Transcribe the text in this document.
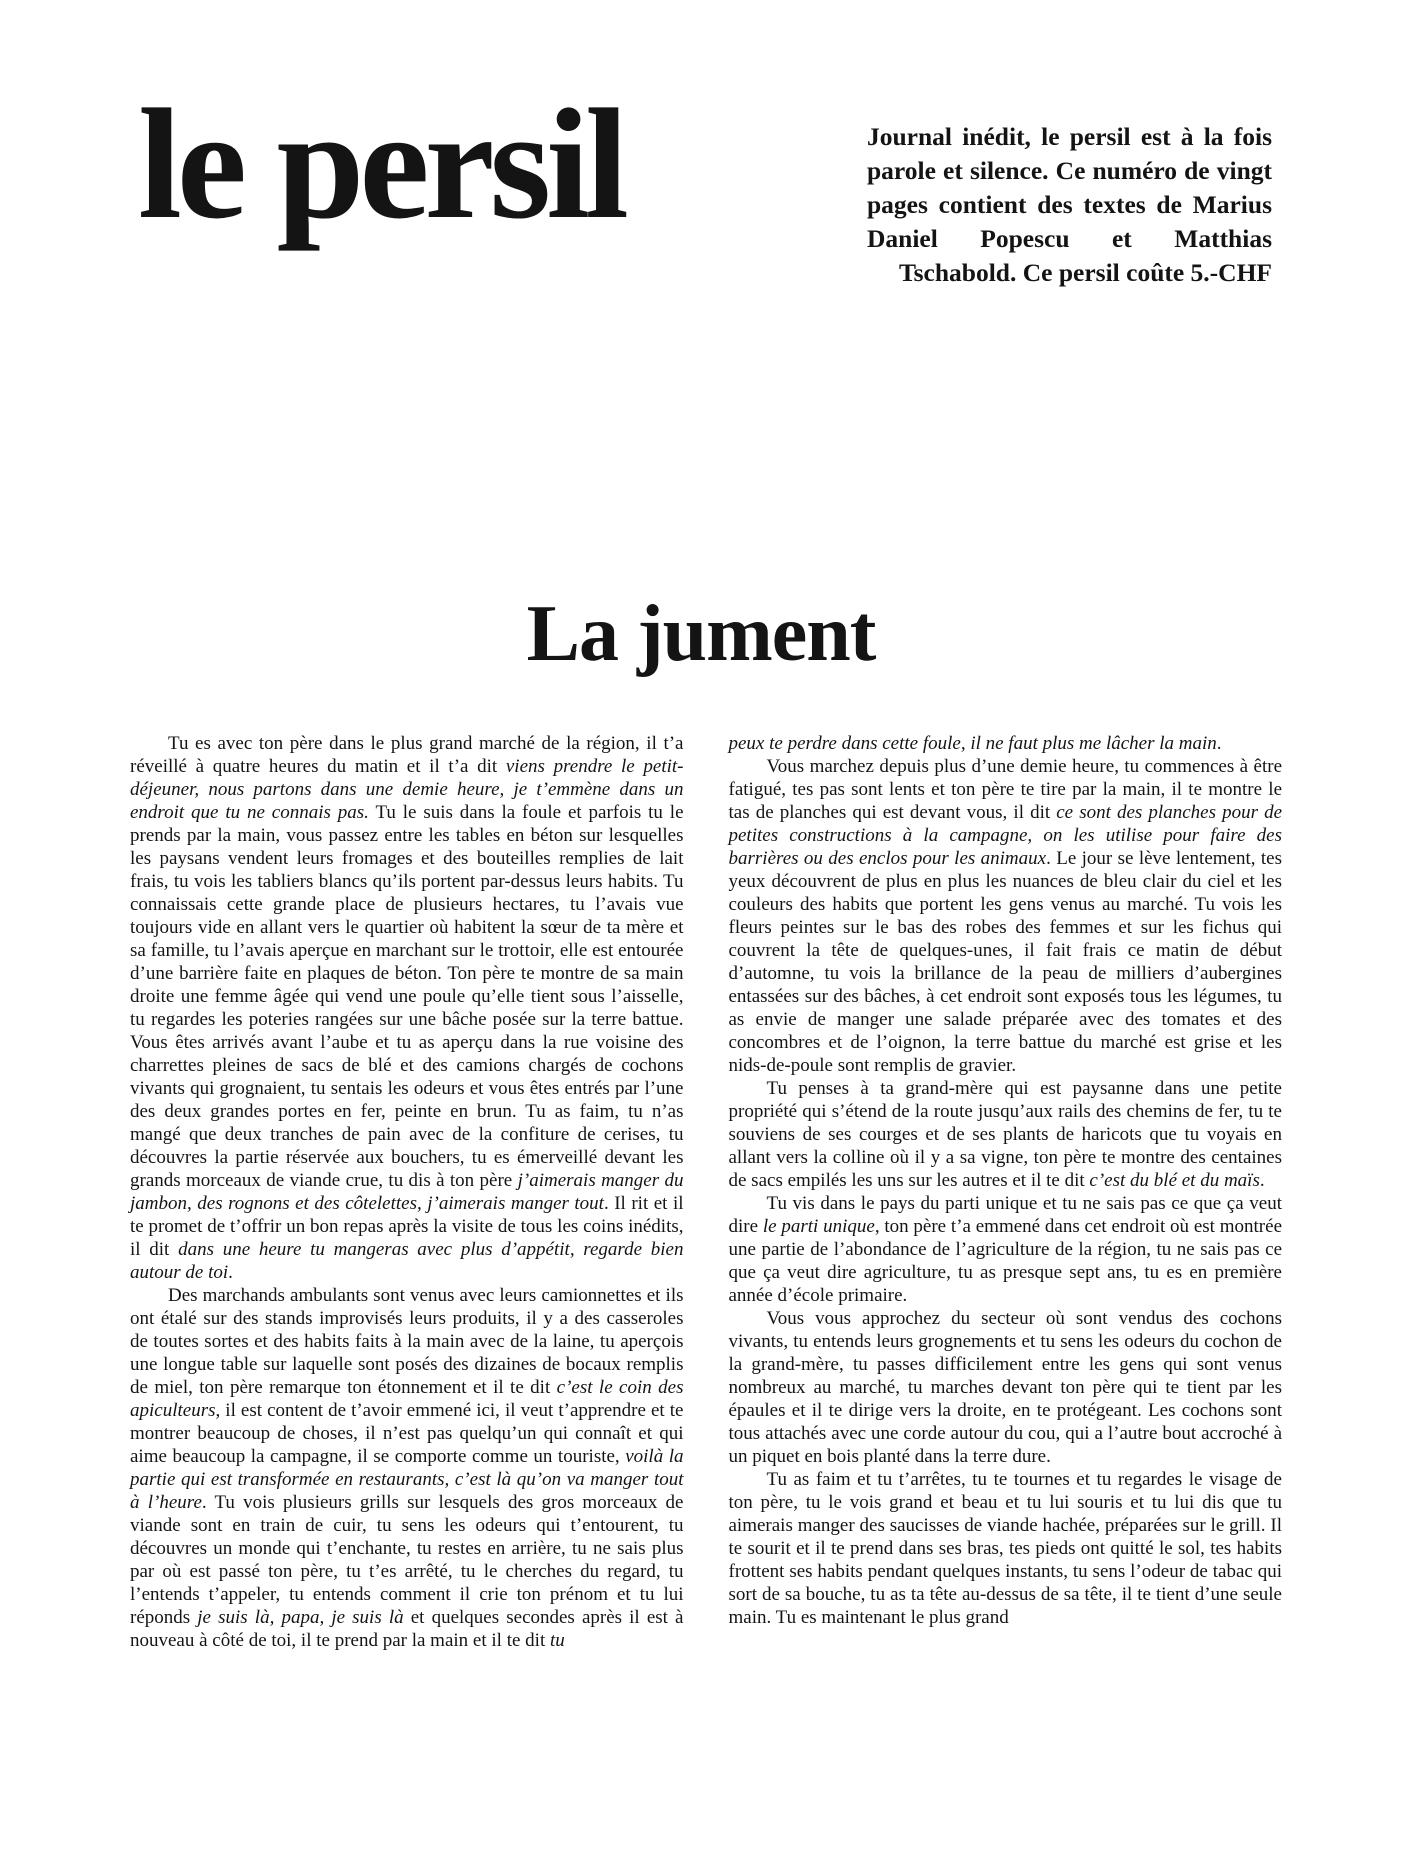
le persil	Journal inédit, le persil est à la fois parole et silence. Ce numéro de vingt pages contient des textes de Marius Daniel Popescu et Matthias Tschabold. Ce persil coûte 5.-CHF
La jument

Tu es avec ton père dans le plus grand marché de la région, il t’a réveillé à quatre heures du matin et il t’a dit viens prendre le petit-déjeuner, nous partons dans une demie heure, je t’emmène dans un endroit que tu ne connais pas. Tu le suis dans la foule et parfois tu le prends par la main, vous passez entre les tables en béton sur lesquelles les paysans vendent leurs fromages et des bouteilles remplies de lait frais, tu vois les tabliers blancs qu’ils portent par-dessus leurs habits. Tu connaissais cette grande place de plusieurs hectares, tu l’avais vue toujours vide en allant vers le quartier où habitent la sœur de ta mère et sa famille, tu l’avais aperçue en marchant sur le trottoir, elle est entourée d’une barrière faite en plaques de béton. Ton père te montre de sa main droite une femme âgée qui vend une poule qu’elle tient sous l’aisselle, tu regardes les poteries rangées sur une bâche posée sur la terre battue. Vous êtes arrivés avant l’aube et tu as aperçu dans la rue voisine des charrettes pleines de sacs de blé et des camions chargés de cochons vivants qui grognaient, tu sentais les odeurs et vous êtes entrés par l’une des deux grandes portes en fer, peinte en brun. Tu as faim, tu n’as mangé que deux tranches de pain avec de la confiture de cerises, tu découvres la partie réservée aux bouchers, tu es émerveillé devant les grands morceaux de viande crue, tu dis à ton père j’aimerais manger du jambon, des rognons et des côtelettes, j’aimerais manger tout. Il rit et il te promet de t’offrir un bon repas après la visite de tous les coins inédits, il dit dans une heure tu mangeras avec plus d’appétit, regarde bien autour de toi.

Des marchands ambulants sont venus avec leurs camionnettes et ils ont étalé sur des stands improvisés leurs produits, il y a des casseroles de toutes sortes et des habits faits à la main avec de la laine, tu aperçois une longue table sur laquelle sont posés des dizaines de bocaux remplis de miel, ton père remarque ton étonnement et il te dit c’est le coin des apiculteurs, il est content de t’avoir emmené ici, il veut t’apprendre et te montrer beaucoup de choses, il n’est pas quelqu’un qui connaît et qui aime beaucoup la campagne, il se comporte comme un touriste, voilà la partie qui est transformée en restaurants, c’est là qu’on va manger tout à l’heure. Tu vois plusieurs grills sur lesquels des gros morceaux de viande sont en train de cuir, tu sens les odeurs qui t’entourent, tu découvres un monde qui t’enchante, tu restes en arrière, tu ne sais plus par où est passé ton père, tu t’es arrêté, tu le cherches du regard, tu l’entends t’appeler, tu entends comment il crie ton prénom et tu lui réponds je suis là, papa, je suis là et quelques secondes après il est à nouveau à côté de toi, il te prend par la main et il te dit tu

peux te perdre dans cette foule, il ne faut plus me lâcher la main.

Vous marchez depuis plus d’une demie heure, tu commences à être fatigué, tes pas sont lents et ton père te tire par la main, il te montre le tas de planches qui est devant vous, il dit ce sont des planches pour de petites constructions à la campagne, on les utilise pour faire des barrières ou des enclos pour les animaux. Le jour se lève lentement, tes yeux découvrent de plus en plus les nuances de bleu clair du ciel et les couleurs des habits que portent les gens venus au marché. Tu vois les fleurs peintes sur le bas des robes des femmes et sur les fichus qui couvrent la tête de quelques-unes, il fait frais ce matin de début d’automne, tu vois la brillance de la peau de milliers d’aubergines entassées sur des bâches, à cet endroit sont exposés tous les légumes, tu as envie de manger une salade préparée avec des tomates et des concombres et de l’oignon, la terre battue du marché est grise et les nids-de-poule sont remplis de gravier.

Tu penses à ta grand-mère qui est paysanne dans une petite propriété qui s’étend de la route jusqu’aux rails des chemins de fer, tu te souviens de ses courges et de ses plants de haricots que tu voyais en allant vers la colline où il y a sa vigne, ton père te montre des centaines de sacs empilés les uns sur les autres et il te dit c’est du blé et du maïs.

Tu vis dans le pays du parti unique et tu ne sais pas ce que ça veut dire le parti unique, ton père t’a emmené dans cet endroit où est montrée une partie de l’abondance de l’agriculture de la région, tu ne sais pas ce que ça veut dire agriculture, tu as presque sept ans, tu es en première année d’école primaire.

Vous vous approchez du secteur où sont vendus des cochons vivants, tu entends leurs grognements et tu sens les odeurs du cochon de la grand-mère, tu passes difficilement entre les gens qui sont venus nombreux au marché, tu marches devant ton père qui te tient par les épaules et il te dirige vers la droite, en te protégeant. Les cochons sont tous attachés avec une corde autour du cou, qui a l’autre bout accroché à un piquet en bois planté dans la terre dure.

Tu as faim et tu t’arrêtes, tu te tournes et tu regardes le visage de ton père, tu le vois grand et beau et tu lui souris et tu lui dis que tu aimerais manger des saucisses de viande hachée, préparées sur le grill. Il te sourit et il te prend dans ses bras, tes pieds ont quitté le sol, tes habits frottent ses habits pendant quelques instants, tu sens l’odeur de tabac qui sort de sa bouche, tu as ta tête au-dessus de sa tête, il te tient d’une seule main. Tu es maintenant le plus grand
